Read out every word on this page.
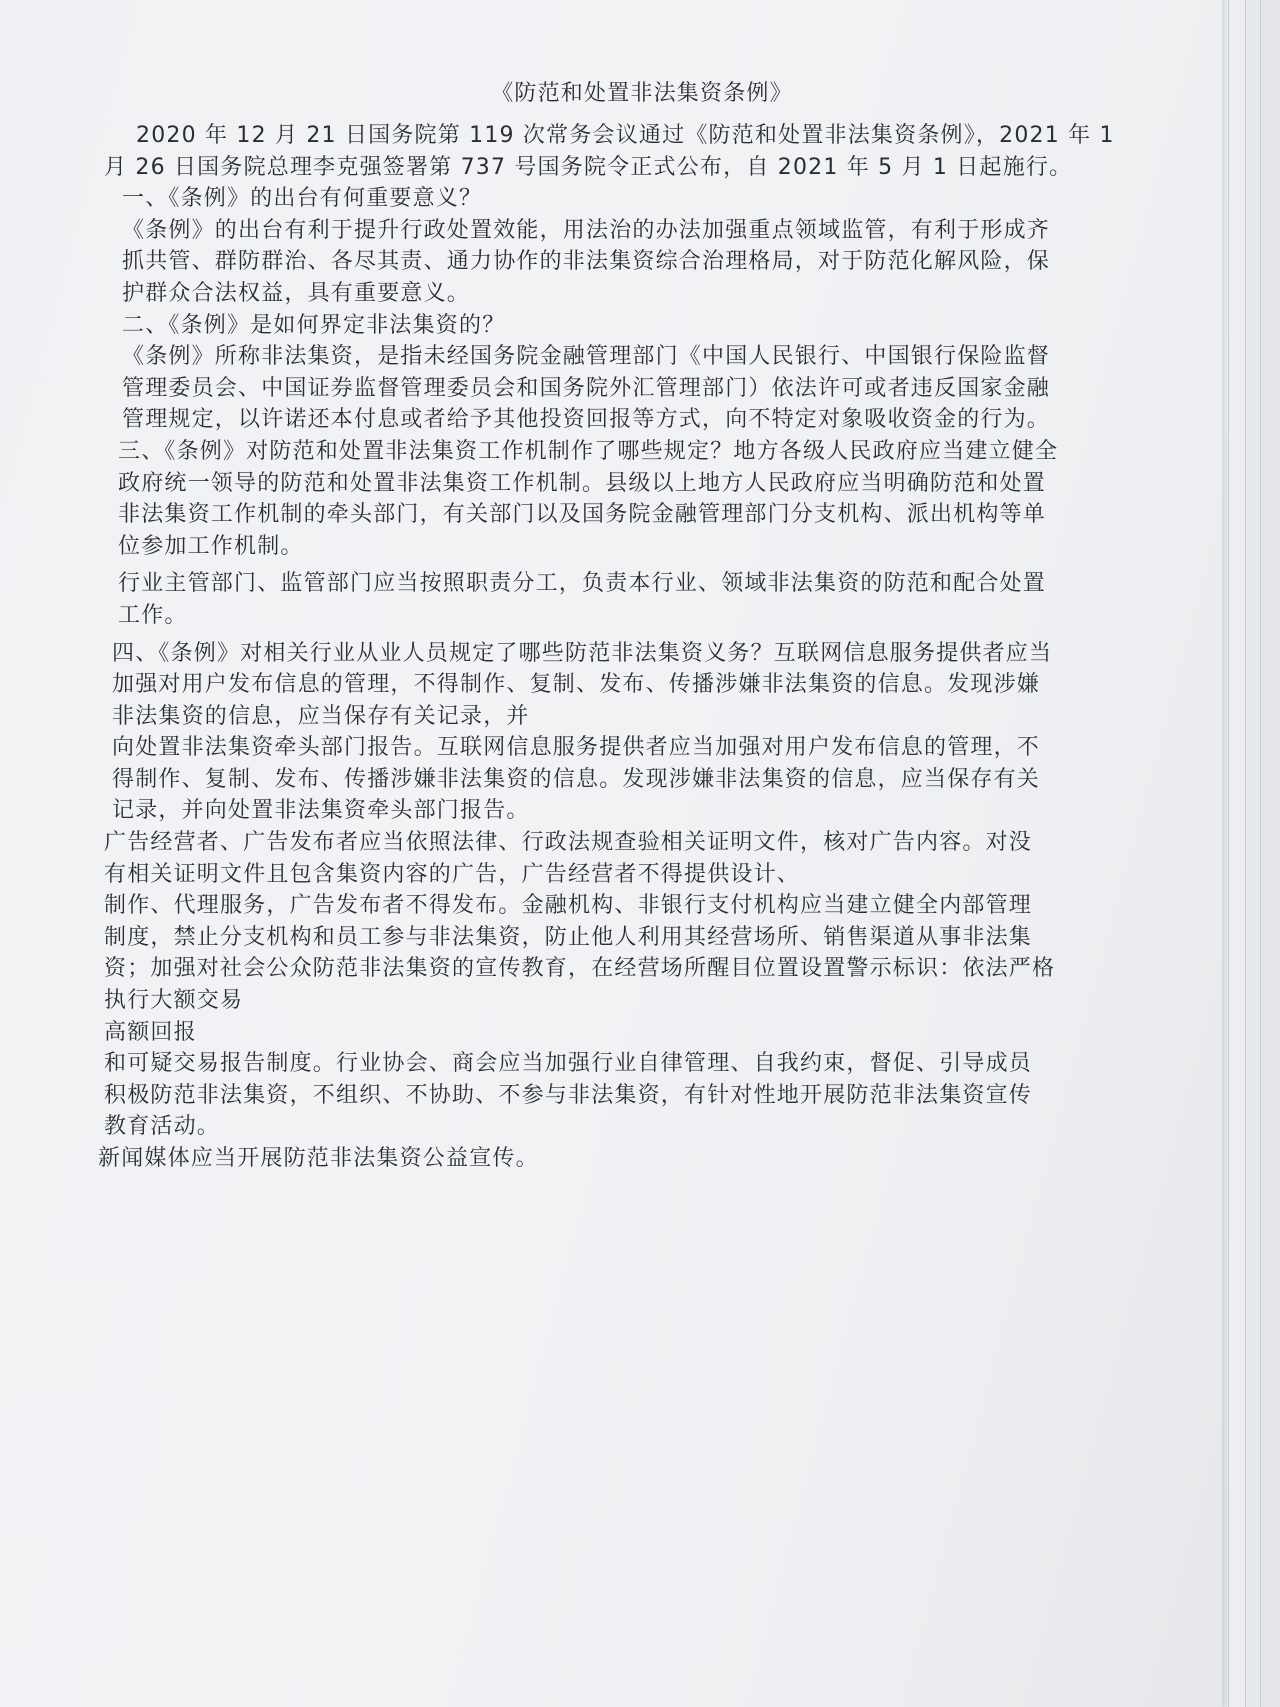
《防范和处置非法集资条例》
2020 年 12 月 21 日国务院第 119 次常务会议通过《防范和处置非法集资条例》，2021 年 1
月 26 日国务院总理李克强签署第 737 号国务院令正式公布，自 2021 年 5 月 1 日起施行。
一、《条例》的出台有何重要意义？
《条例》的出台有利于提升行政处置效能，用法治的办法加强重点领域监管，有利于形成齐
抓共管、群防群治、各尽其责、通力协作的非法集资综合治理格局，对于防范化解风险，保
护群众合法权益，具有重要意义。
二、《条例》是如何界定非法集资的？
《条例》所称非法集资，是指未经国务院金融管理部门《中国人民银行、中国银行保险监督
管理委员会、中国证券监督管理委员会和国务院外汇管理部门）依法许可或者违反国家金融
管理规定，以许诺还本付息或者给予其他投资回报等方式，向不特定对象吸收资金的行为。
三、《条例》对防范和处置非法集资工作机制作了哪些规定？地方各级人民政府应当建立健全
政府统一领导的防范和处置非法集资工作机制。县级以上地方人民政府应当明确防范和处置
非法集资工作机制的牵头部门，有关部门以及国务院金融管理部门分支机构、派出机构等单
位参加工作机制。
行业主管部门、监管部门应当按照职责分工，负责本行业、领域非法集资的防范和配合处置
工作。
四、《条例》对相关行业从业人员规定了哪些防范非法集资义务？互联网信息服务提供者应当
加强对用户发布信息的管理，不得制作、复制、发布、传播涉嫌非法集资的信息。发现涉嫌
非法集资的信息，应当保存有关记录，并
向处置非法集资牵头部门报告。互联网信息服务提供者应当加强对用户发布信息的管理，不
得制作、复制、发布、传播涉嫌非法集资的信息。发现涉嫌非法集资的信息，应当保存有关
记录，并向处置非法集资牵头部门报告。
广告经营者、广告发布者应当依照法律、行政法规查验相关证明文件，核对广告内容。对没
有相关证明文件且包含集资内容的广告，广告经营者不得提供设计、
制作、代理服务，广告发布者不得发布。金融机构、非银行支付机构应当建立健全内部管理
制度，禁止分支机构和员工参与非法集资，防止他人利用其经营场所、销售渠道从事非法集
资；加强对社会公众防范非法集资的宣传教育，在经营场所醒目位置设置警示标识：依法严格
执行大额交易
高额回报
和可疑交易报告制度。行业协会、商会应当加强行业自律管理、自我约束，督促、引导成员
积极防范非法集资，不组织、不协助、不参与非法集资，有针对性地开展防范非法集资宣传
教育活动。
新闻媒体应当开展防范非法集资公益宣传。
